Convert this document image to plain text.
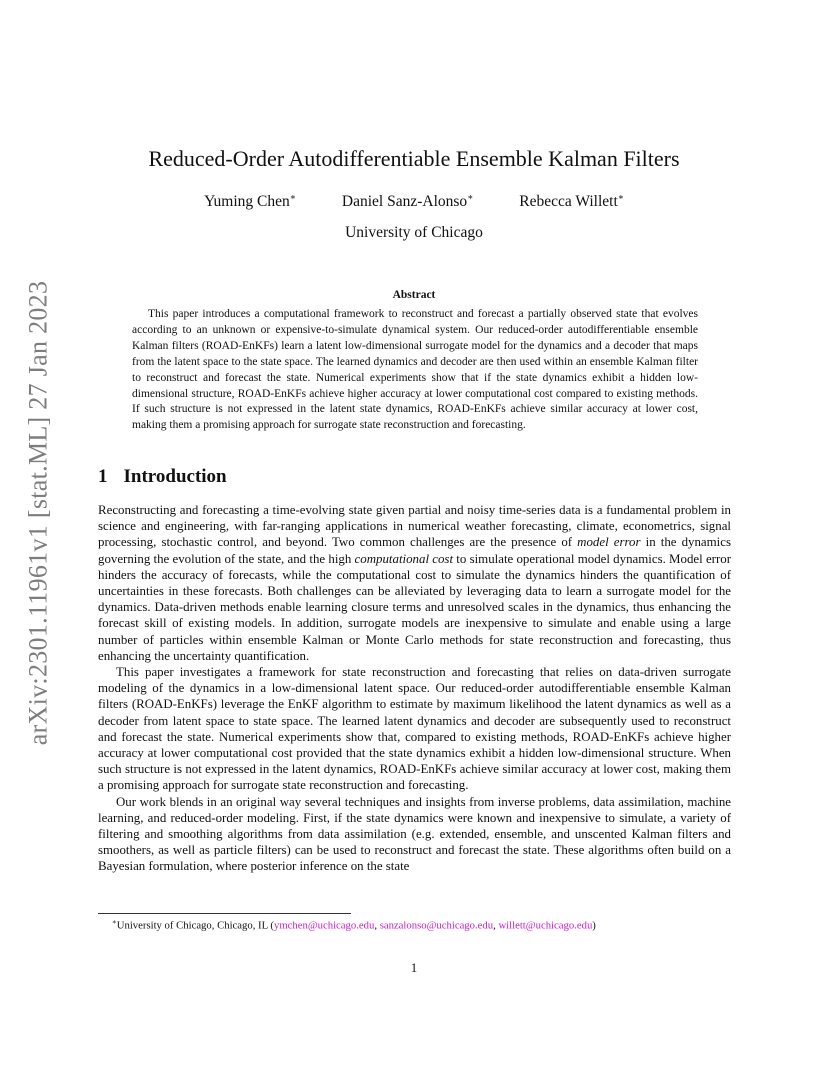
arXiv:2301.11961v1 [stat.ML] 27 Jan 2023
Reduced-Order Autodifferentiable Ensemble Kalman Filters
Yuming Chen∗	Daniel Sanz-Alonso∗	Rebecca Willett∗
University of Chicago
Abstract

This paper introduces a computational framework to reconstruct and forecast a partially observed state that evolves according to an unknown or expensive-to-simulate dynamical system. Our reduced-order autodifferentiable ensemble Kalman filters (ROAD-EnKFs) learn a latent low-dimensional surrogate model for the dynamics and a decoder that maps from the latent space to the state space. The learned dynamics and decoder are then used within an ensemble Kalman filter to reconstruct and forecast the state. Numerical experiments show that if the state dynamics exhibit a hidden low-dimensional structure, ROAD-EnKFs achieve higher accuracy at lower computational cost compared to existing methods. If such structure is not expressed in the latent state dynamics, ROAD-EnKFs achieve similar accuracy at lower cost, making them a promising approach for surrogate state reconstruction and forecasting.

1 Introduction

Reconstructing and forecasting a time-evolving state given partial and noisy time-series data is a fundamental problem in science and engineering, with far-ranging applications in numerical weather forecasting, climate, econometrics, signal processing, stochastic control, and beyond. Two common challenges are the presence of model error in the dynamics governing the evolution of the state, and the high computational cost to simulate operational model dynamics. Model error hinders the accuracy of forecasts, while the computational cost to simulate the dynamics hinders the quantification of uncertainties in these forecasts. Both challenges can be alleviated by leveraging data to learn a surrogate model for the dynamics. Data-driven methods enable learning closure terms and unresolved scales in the dynamics, thus enhancing the forecast skill of existing models. In addition, surrogate models are inexpensive to simulate and enable using a large number of particles within ensemble Kalman or Monte Carlo methods for state reconstruction and forecasting, thus enhancing the uncertainty quantification.

This paper investigates a framework for state reconstruction and forecasting that relies on data-driven surrogate modeling of the dynamics in a low-dimensional latent space. Our reduced-order autodifferentiable ensemble Kalman filters (ROAD-EnKFs) leverage the EnKF algorithm to estimate by maximum likelihood the latent dynamics as well as a decoder from latent space to state space. The learned latent dynamics and decoder are subsequently used to reconstruct and forecast the state. Numerical experiments show that, compared to existing methods, ROAD-EnKFs achieve higher accuracy at lower computational cost provided that the state dynamics exhibit a hidden low-dimensional structure. When such structure is not expressed in the latent dynamics, ROAD-EnKFs achieve similar accuracy at lower cost, making them a promising approach for surrogate state reconstruction and forecasting.

Our work blends in an original way several techniques and insights from inverse problems, data assimilation, machine learning, and reduced-order modeling. First, if the state dynamics were known and inexpensive to simulate, a variety of filtering and smoothing algorithms from data assimilation (e.g. extended, ensemble, and unscented Kalman filters and smoothers, as well as particle filters) can be used to reconstruct and forecast the state. These algorithms often build on a Bayesian formulation, where posterior inference on the state

∗University of Chicago, Chicago, IL (ymchen@uchicago.edu, sanzalonso@uchicago.edu, willett@uchicago.edu)
1
